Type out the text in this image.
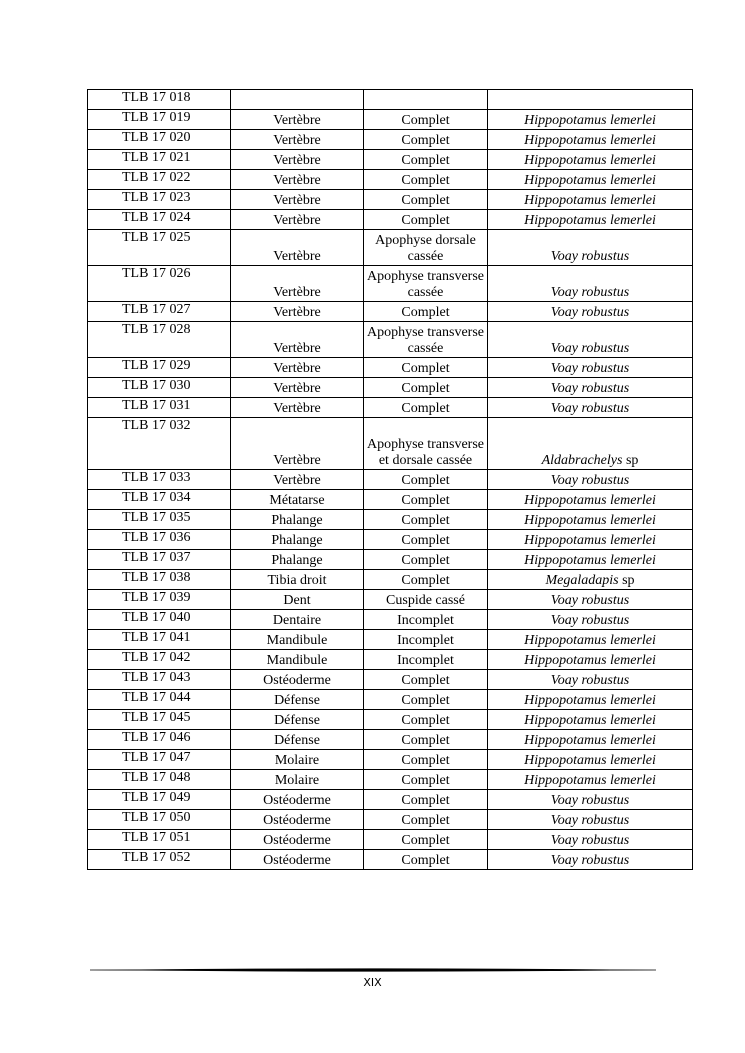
TLB 17 018			
TLB 17 019	Vertèbre	Complet	Hippopotamus lemerlei
TLB 17 020	Vertèbre	Complet	Hippopotamus lemerlei
TLB 17 021	Vertèbre	Complet	Hippopotamus lemerlei
TLB 17 022	Vertèbre	Complet	Hippopotamus lemerlei
TLB 17 023	Vertèbre	Complet	Hippopotamus lemerlei
TLB 17 024	Vertèbre	Complet	Hippopotamus lemerlei
TLB 17 025	Vertèbre	Apophyse dorsale cassée	Voay robustus
TLB 17 026	Vertèbre	Apophyse transverse cassée	Voay robustus
TLB 17 027	Vertèbre	Complet	Voay robustus
TLB 17 028	Vertèbre	Apophyse transverse cassée	Voay robustus
TLB 17 029	Vertèbre	Complet	Voay robustus
TLB 17 030	Vertèbre	Complet	Voay robustus
TLB 17 031	Vertèbre	Complet	Voay robustus
TLB 17 032	Vertèbre	Apophyse transverse et dorsale cassée	Aldabrachelys sp
TLB 17 033	Vertèbre	Complet	Voay robustus
TLB 17 034	Métatarse	Complet	Hippopotamus lemerlei
TLB 17 035	Phalange	Complet	Hippopotamus lemerlei
TLB 17 036	Phalange	Complet	Hippopotamus lemerlei
TLB 17 037	Phalange	Complet	Hippopotamus lemerlei
TLB 17 038	Tibia droit	Complet	Megaladapis sp
TLB 17 039	Dent	Cuspide cassé	Voay robustus
TLB 17 040	Dentaire	Incomplet	Voay robustus
TLB 17 041	Mandibule	Incomplet	Hippopotamus lemerlei
TLB 17 042	Mandibule	Incomplet	Hippopotamus lemerlei
TLB 17 043	Ostéoderme	Complet	Voay robustus
TLB 17 044	Défense	Complet	Hippopotamus lemerlei
TLB 17 045	Défense	Complet	Hippopotamus lemerlei
TLB 17 046	Défense	Complet	Hippopotamus lemerlei
TLB 17 047	Molaire	Complet	Hippopotamus lemerlei
TLB 17 048	Molaire	Complet	Hippopotamus lemerlei
TLB 17 049	Ostéoderme	Complet	Voay robustus
TLB 17 050	Ostéoderme	Complet	Voay robustus
TLB 17 051	Ostéoderme	Complet	Voay robustus
TLB 17 052	Ostéoderme	Complet	Voay robustus
XIX
